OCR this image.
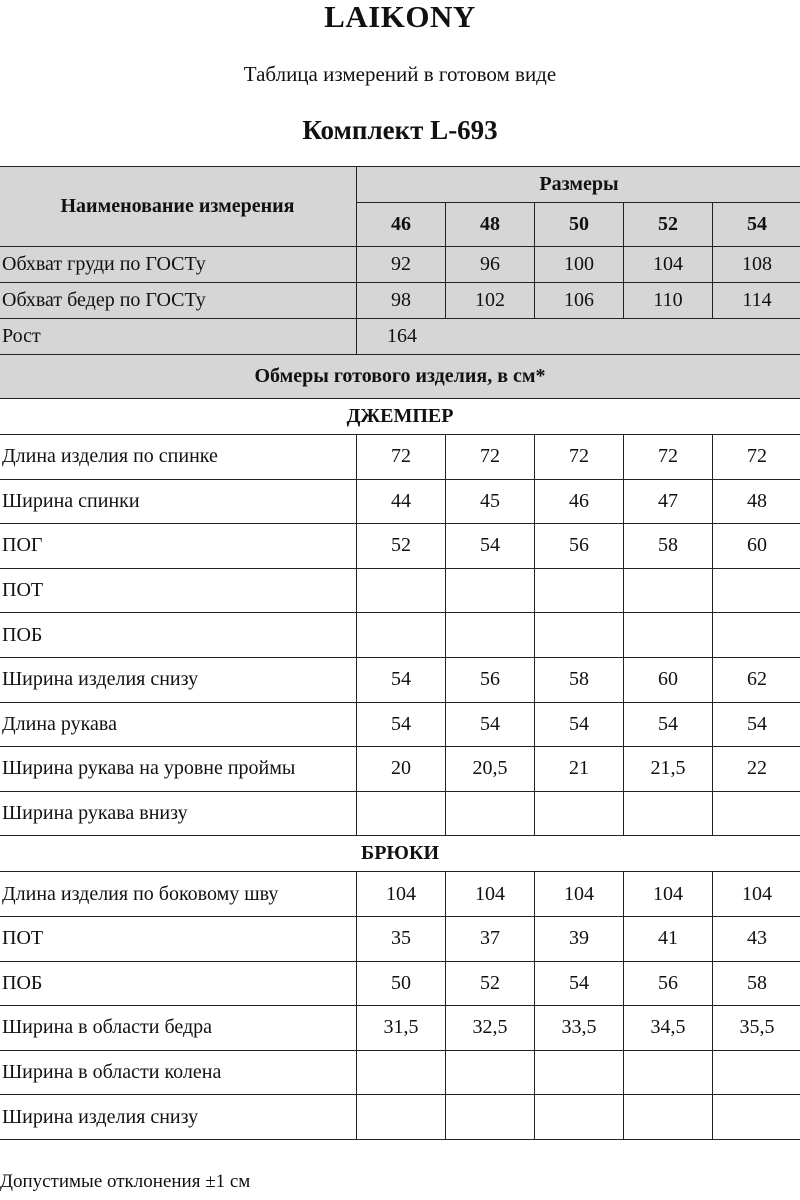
LAIKONY
Таблица измерений в готовом виде
Комплект L-693
Наименование измерения	Размеры				
	46	48	50	52	54
Обхват груди по ГОСТу	92	96	100	104	108
Обхват бедер по ГОСТу	98	102	106	110	114
Рост	164				
Обмеры готового изделия, в см*					
ДЖЕМПЕР					
Длина изделия по спинке	72	72	72	72	72
Ширина спинки	44	45	46	47	48
ПОГ	52	54	56	58	60
ПОТ					
ПОБ					
Ширина изделия снизу	54	56	58	60	62
Длина рукава	54	54	54	54	54
Ширина рукава на уровне проймы	20	20,5	21	21,5	22
Ширина рукава внизу					
БРЮКИ					
Длина изделия по боковому шву	104	104	104	104	104
ПОТ	35	37	39	41	43
ПОБ	50	52	54	56	58
Ширина в области бедра	31,5	32,5	33,5	34,5	35,5
Ширина в области колена					
Ширина изделия снизу					
Допустимые отклонения ±1 см
